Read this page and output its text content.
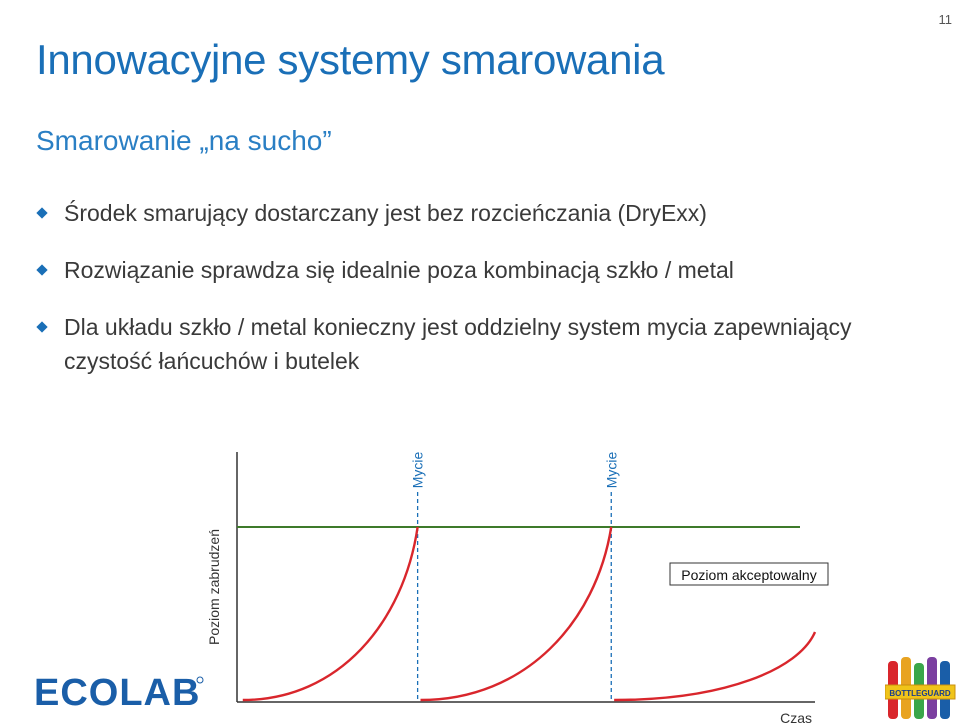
11
Innowacyjne systemy smarowania
Smarowanie „na sucho”
Środek smarujący dostarczany jest bez rozcieńczania (DryExx)
Rozwiązanie sprawdza się idealnie poza kombinacją szkło / metal
Dla układu szkło / metal konieczny jest oddzielny system mycia zapewniający czystość łańcuchów i butelek
Poziom zabrudzeń
Czas
Mycie	Mycie
Poziom akceptowalny
ECOLAB	BOTTLEGUARD
